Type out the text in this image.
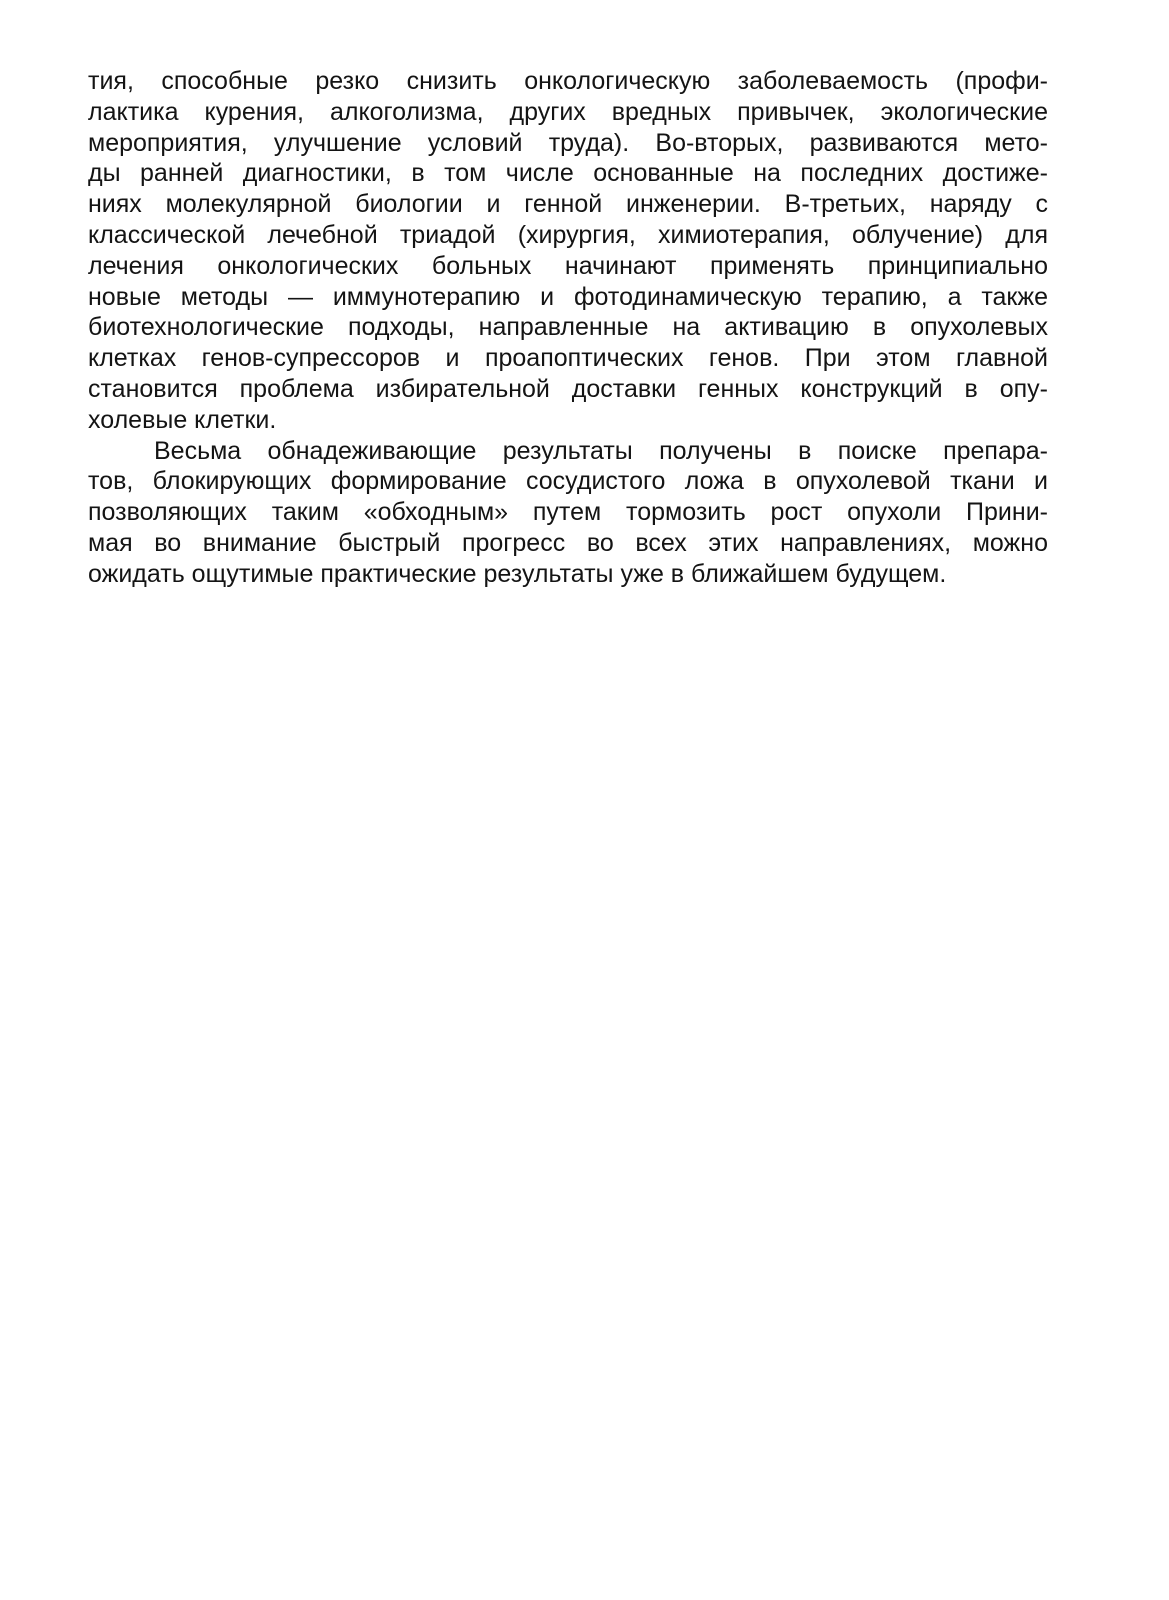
тия, способные резко снизить онкологическую заболеваемость (профи-
лактика курения, алкоголизма, других вредных привычек, экологические
мероприятия, улучшение условий труда). Во-вторых, развиваются мето-
ды ранней диагностики, в том числе основанные на последних достиже-
ниях молекулярной биологии и генной инженерии. В-третьих, наряду с
классической лечебной триадой (хирургия, химиотерапия, облучение) для
лечения онкологических больных начинают применять принципиально
новые методы — иммунотерапию и фотодинамическую терапию, а также
биотехнологические подходы, направленные на активацию в опухолевых
клетках генов-супрессоров и проапоптических генов. При этом главной
становится проблема избирательной доставки генных конструкций в опу-
холевые клетки.

Весьма обнадеживающие результаты получены в поиске препара-
тов, блокирующих формирование сосудистого ложа в опухолевой ткани и
позволяющих таким «обходным» путем тормозить рост опухоли Прини-
мая во внимание быстрый прогресс во всех этих направлениях, можно
ожидать ощутимые практические результаты уже в ближайшем будущем.
